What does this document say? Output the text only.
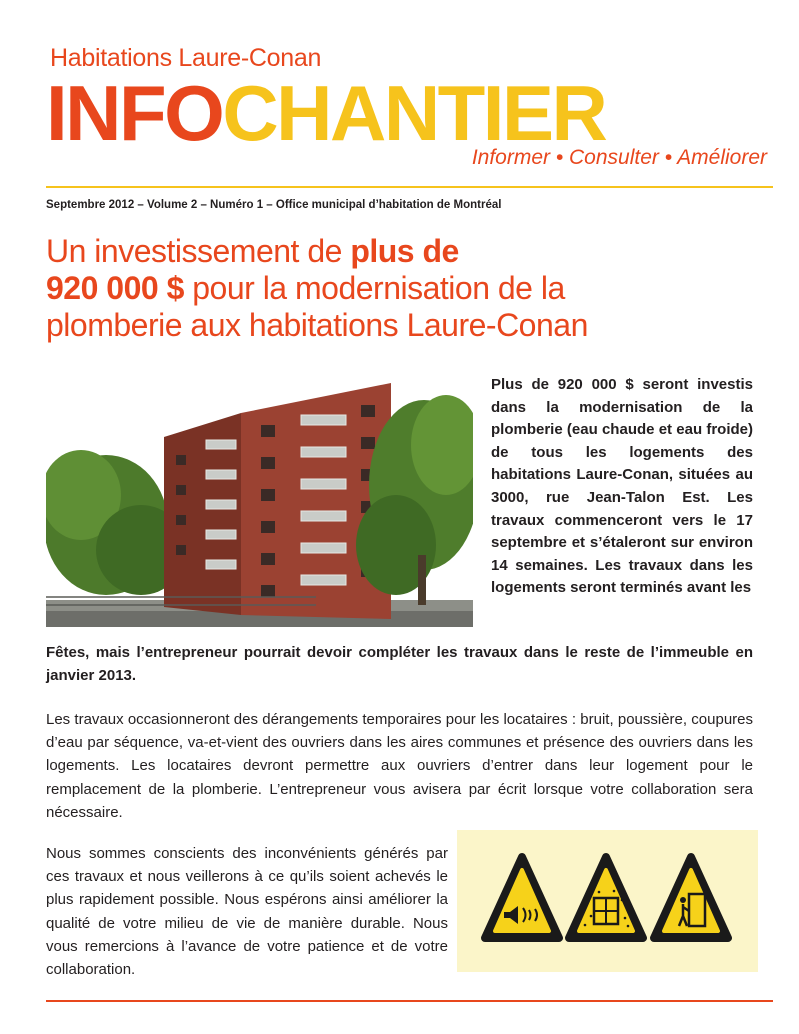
Habitations Laure-Conan
INFOCHANTIER
Informer • Consulter • Améliorer
Septembre 2012 – Volume 2 – Numéro 1 – Office municipal d’habitation de Montréal
Un investissement de plus de
920 000 $ pour la modernisation de la
plomberie aux habitations Laure-Conan
Plus de 920 000 $ seront investis dans la modernisation de la plomberie (eau chaude et eau froide) de tous les logements des habitations Laure-Conan, situées au 3000, rue Jean-Talon Est. Les travaux commenceront vers le 17 septembre et s’étaleront sur environ 14 semaines. Les travaux dans les logements seront terminés avant les
Fêtes, mais l’entrepreneur pourrait devoir compléter les travaux dans le reste de l’immeuble en janvier 2013.

Les travaux occasionneront des dérangements temporaires pour les locataires : bruit, poussière, coupures d’eau par séquence, va-et-vient des ouvriers dans les aires communes et présence des ouvriers dans les logements. Les locataires devront permettre aux ouvriers d’entrer dans leur logement pour le remplacement de la plomberie. L’entrepreneur vous avisera par écrit lorsque votre collaboration sera nécessaire.

Nous sommes conscients des inconvénients générés par ces travaux et nous veillerons à ce qu’ils soient achevés le plus rapidement possible. Nous espérons ainsi améliorer la qualité de votre milieu de vie de manière durable. Nous vous remercions à l’avance de votre patience et de votre collaboration.
